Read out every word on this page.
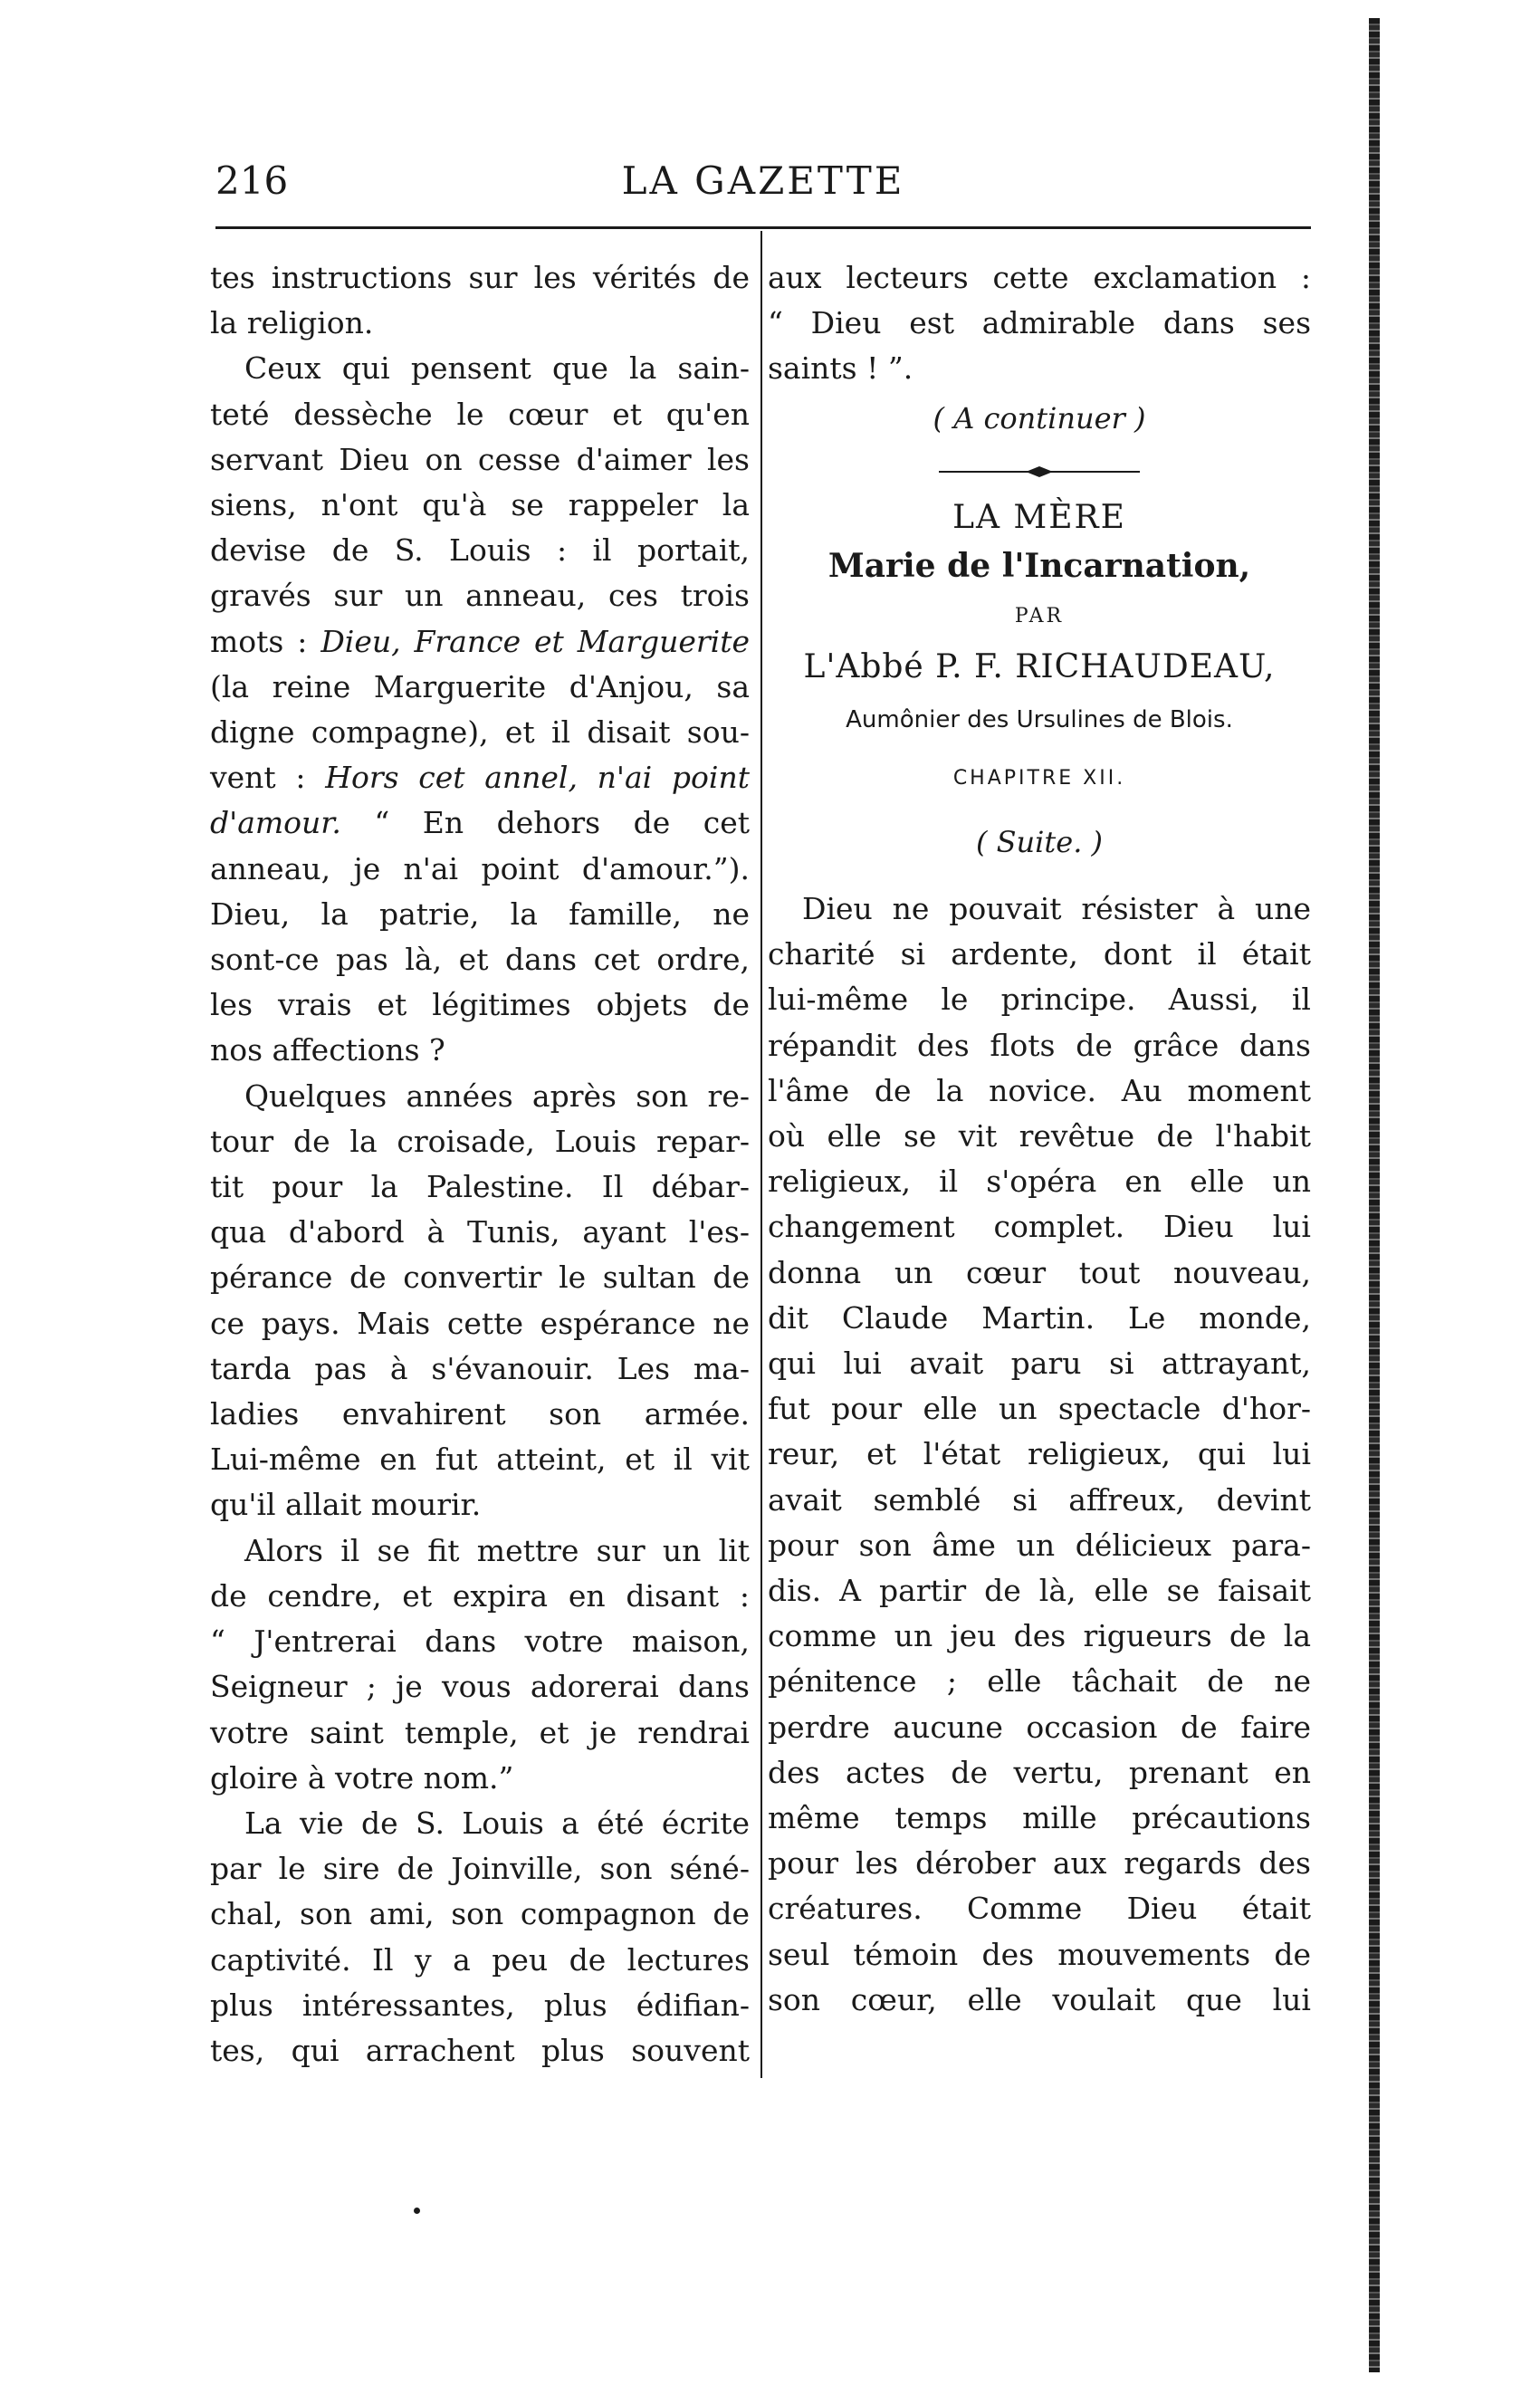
216	LA GAZETTE

tes instructions sur les vérités de

la religion.

Ceux qui pensent que la sain-

teté dessèche le cœur et qu'en

servant Dieu on cesse d'aimer les

siens, n'ont qu'à se rappeler la

devise de S. Louis : il portait,

gravés sur un anneau, ces trois

mots : Dieu, France et Marguerite

(la reine Marguerite d'Anjou, sa

digne compagne), et il disait sou-

vent : Hors cet annel, n'ai point

d'amour. “ En dehors de cet

anneau, je n'ai point d'amour.”).

Dieu, la patrie, la famille, ne

sont-ce pas là, et dans cet ordre,

les vrais et légitimes objets de

nos affections ?

Quelques années après son re-

tour de la croisade, Louis repar-

tit pour la Palestine. Il débar-

qua d'abord à Tunis, ayant l'es-

pérance de convertir le sultan de

ce pays. Mais cette espérance ne

tarda pas à s'évanouir. Les ma-

ladies envahirent son armée.

Lui-même en fut atteint, et il vit

qu'il allait mourir.

Alors il se fit mettre sur un lit

de cendre, et expira en disant :

“ J'entrerai dans votre maison,

Seigneur ; je vous adorerai dans

votre saint temple, et je rendrai

gloire à votre nom.”

La vie de S. Louis a été écrite

par le sire de Joinville, son séné-

chal, son ami, son compagnon de

captivité. Il y a peu de lectures

plus intéressantes, plus édifian-

tes, qui arrachent plus souvent

aux lecteurs cette exclamation :

“ Dieu est admirable dans ses

saints ! ”.

( A continuer )

LA MÈRE

Marie de l'Incarnation,

PAR

L'Abbé P. F. RICHAUDEAU,

Aumônier des Ursulines de Blois.

CHAPITRE XII.

( Suite. )

Dieu ne pouvait résister à une

charité si ardente, dont il était

lui-même le principe. Aussi, il

répandit des flots de grâce dans

l'âme de la novice. Au moment

où elle se vit revêtue de l'habit

religieux, il s'opéra en elle un

changement complet. Dieu lui

donna un cœur tout nouveau,

dit Claude Martin. Le monde,

qui lui avait paru si attrayant,

fut pour elle un spectacle d'hor-

reur, et l'état religieux, qui lui

avait semblé si affreux, devint

pour son âme un délicieux para-

dis. A partir de là, elle se faisait

comme un jeu des rigueurs de la

pénitence ; elle tâchait de ne

perdre aucune occasion de faire

des actes de vertu, prenant en

même temps mille précautions

pour les dérober aux regards des

créatures. Comme Dieu était

seul témoin des mouvements de

son cœur, elle voulait que lui
